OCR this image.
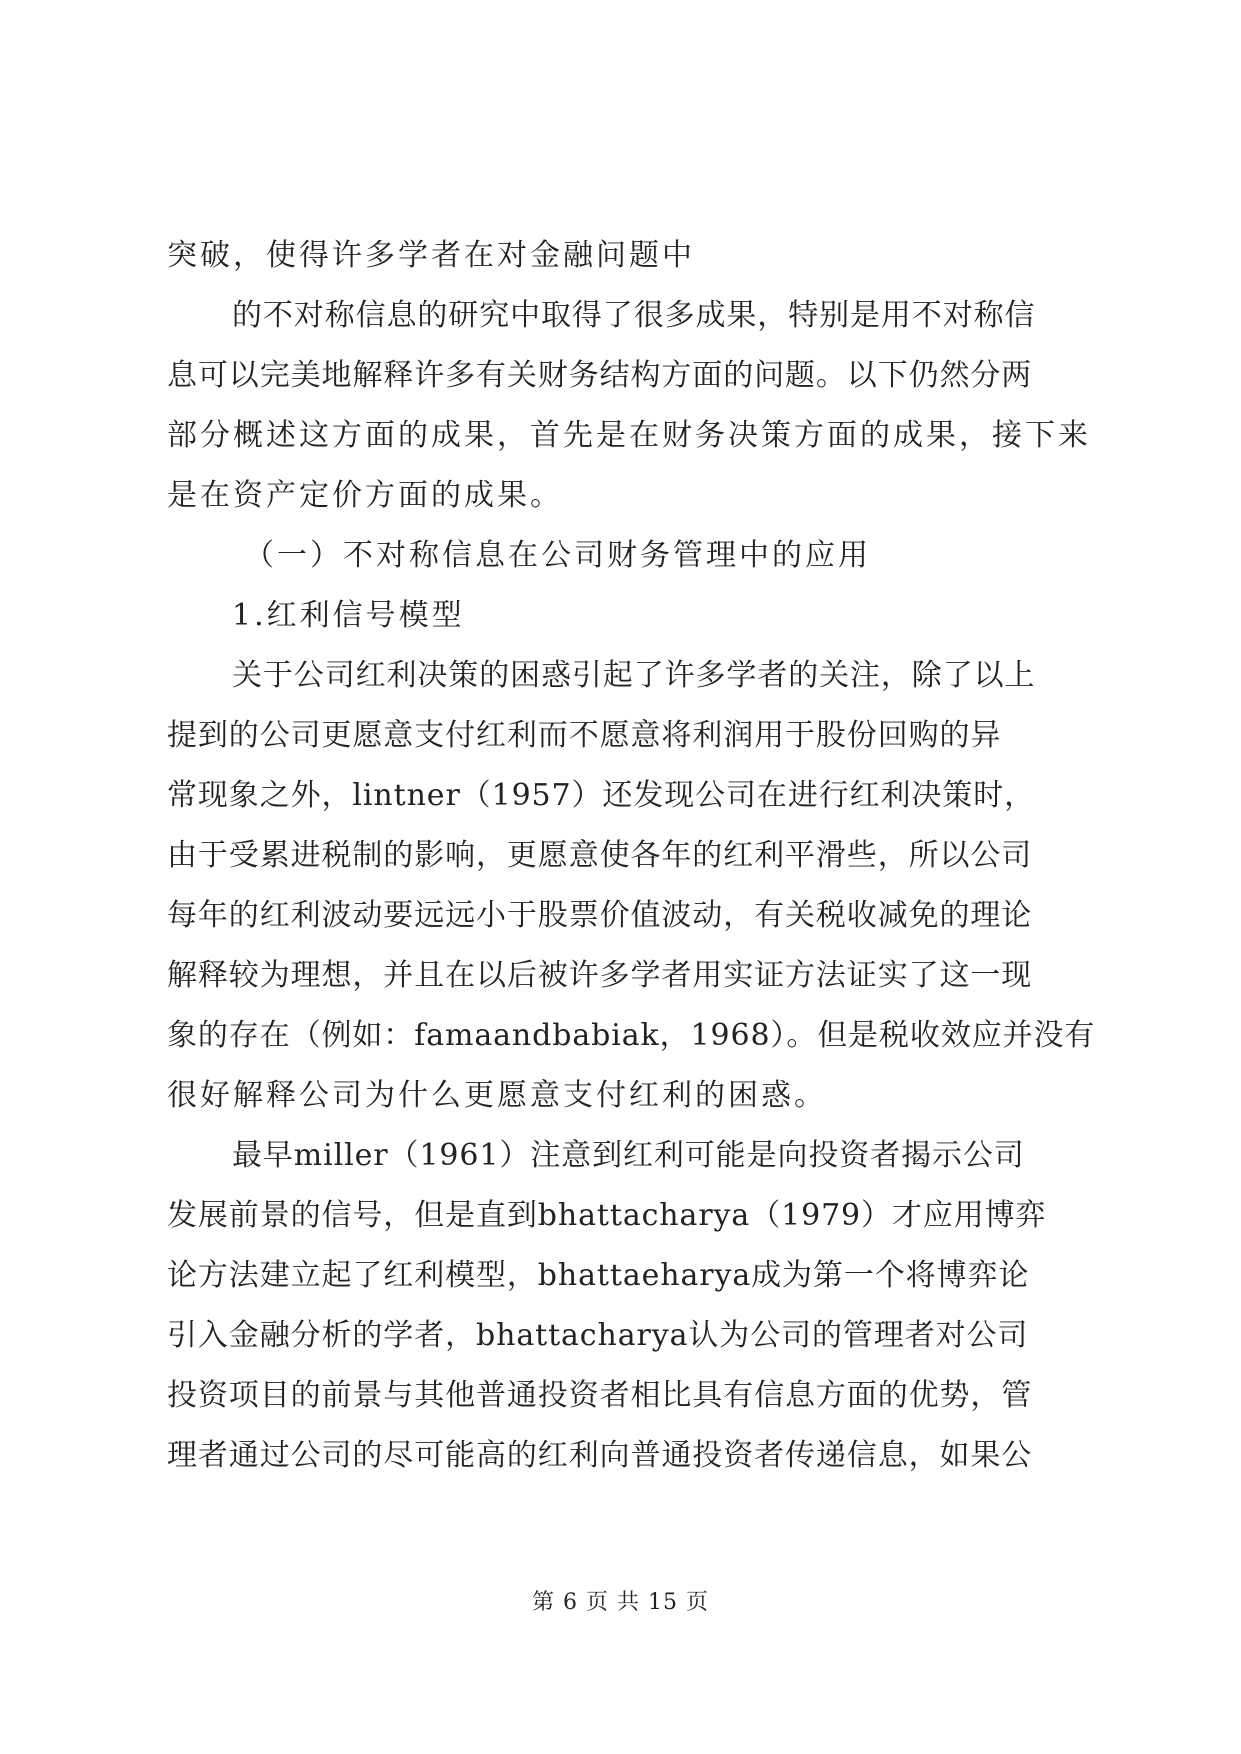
突破，使得许多学者在对金融问题中

的不对称信息的研究中取得了很多成果，特别是用不对称信

息可以完美地解释许多有关财务结构方面的问题。以下仍然分两

部分概述这方面的成果，首先是在财务决策方面的成果，接下来

是在资产定价方面的成果。

（一）不对称信息在公司财务管理中的应用

1.红利信号模型

关于公司红利决策的困惑引起了许多学者的关注，除了以上

提到的公司更愿意支付红利而不愿意将利润用于股份回购的异

常现象之外，lintner（1957）还发现公司在进行红利决策时，

由于受累进税制的影响，更愿意使各年的红利平滑些，所以公司

每年的红利波动要远远小于股票价值波动，有关税收减免的理论

解释较为理想，并且在以后被许多学者用实证方法证实了这一现

象的存在（例如：famaandbabiak，1968）。但是税收效应并没有

很好解释公司为什么更愿意支付红利的困惑。

最早miller（1961）注意到红利可能是向投资者揭示公司

发展前景的信号，但是直到bhattacharya（1979）才应用博弈

论方法建立起了红利模型，bhattaeharya成为第一个将博弈论

引入金融分析的学者，bhattacharya认为公司的管理者对公司

投资项目的前景与其他普通投资者相比具有信息方面的优势，管

理者通过公司的尽可能高的红利向普通投资者传递信息，如果公

第 6 页 共 15 页
